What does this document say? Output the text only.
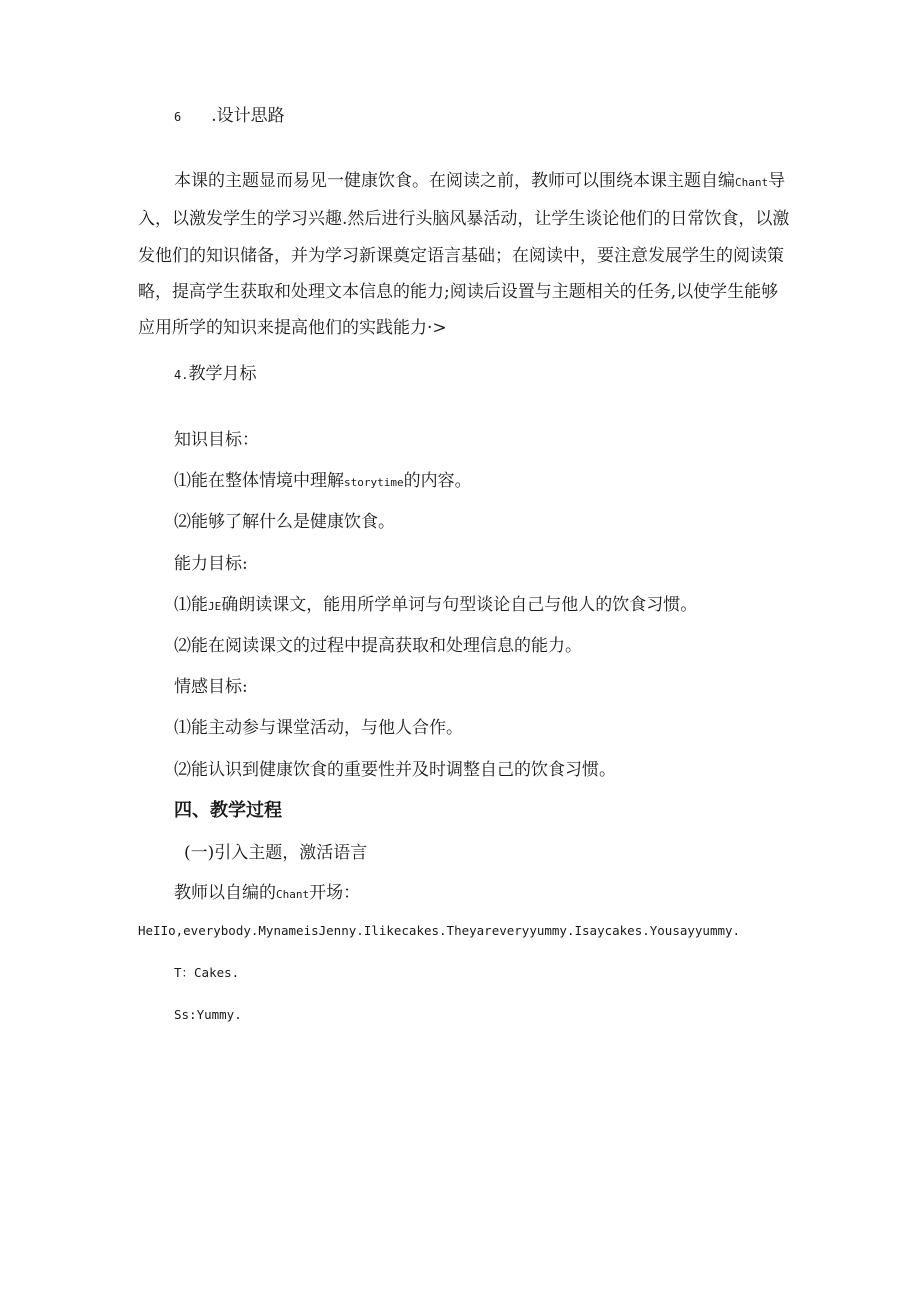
6 .设计思路
本课的主题显而易见一健康饮食。在阅读之前，教师可以围绕本课主题自编Chant导
入，以激发学生的学习兴趣.然后进行头脑风暴活动，让学生谈论他们的日常饮食，以激
发他们的知识储备，并为学习新课奠定语言基础；在阅读中，要注意发展学生的阅读策
略，提高学生获取和处理文本信息的能力;阅读后设置与主题相关的任务,以使学生能够
应用所学的知识来提高他们的实践能力·>
4.教学月标
知识目标：
⑴能在整体情境中理解storytime的内容。
⑵能够了解什么是健康饮食。
能力目标:
⑴能JE确朗读课文，能用所学单诃与句型谈论自己与他人的饮食习惯。
⑵能在阅读课文的过程中提高获取和处理信息的能力。
情感目标:
⑴能主动参与课堂活动，与他人合作。
⑵能认识到健康饮食的重要性并及时调整自己的饮食习惯。
四、教学过程
(一)引入主题，激活语言
教师以自编的Chant开场：
HeIIo,everybody.MynameisJenny.Ilikecakes.Theyareveryyummy.Isaycakes.Yousayyummy.
T：Cakes.
Ss:Yummy.
